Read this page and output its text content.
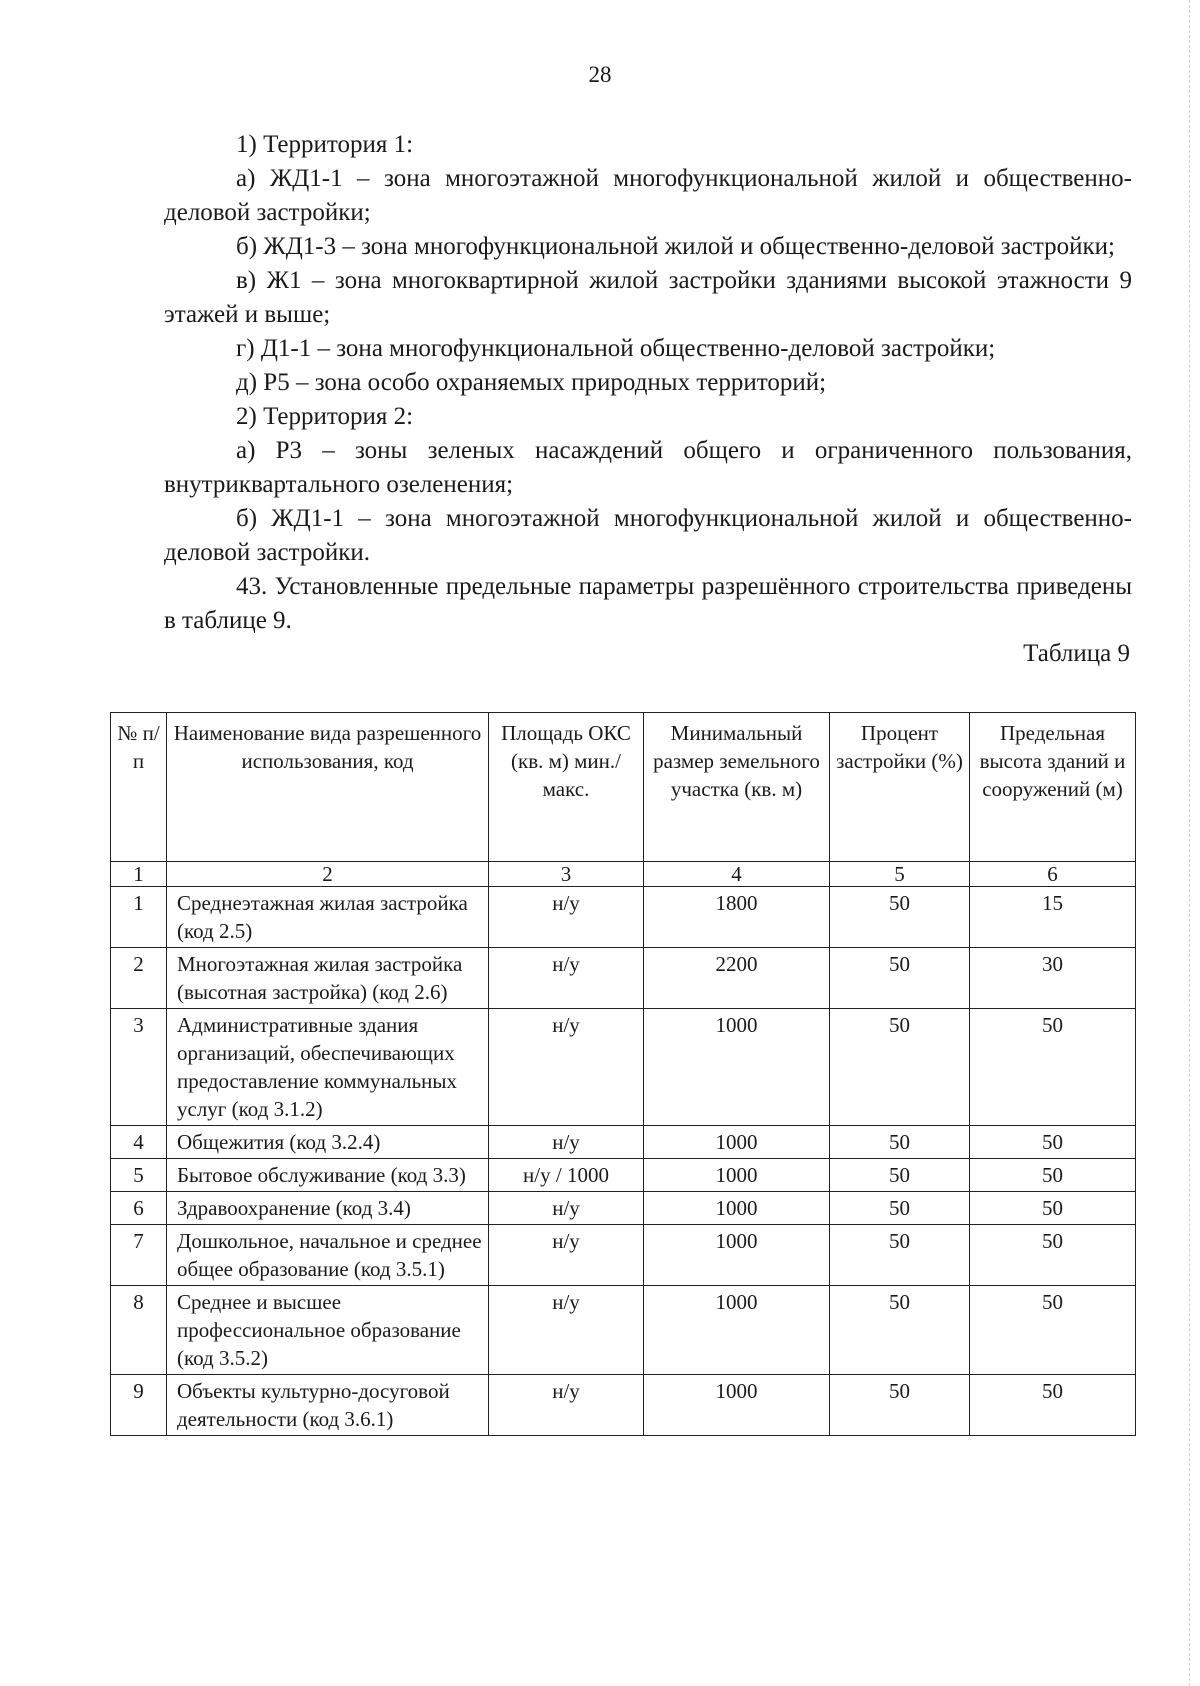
28

1) Территория 1:

а) ЖД1-1 – зона многоэтажной многофункциональной жилой и общественно-деловой застройки;

б) ЖД1-3 – зона многофункциональной жилой и общественно-деловой застройки;

в) Ж1 – зона многоквартирной жилой застройки зданиями высокой этажности 9 этажей и выше;

г) Д1-1 – зона многофункциональной общественно-деловой застройки;

д) Р5 – зона особо охраняемых природных территорий;

2) Территория 2:

а) Р3 – зоны зеленых насаждений общего и ограниченного пользования, внутриквартального озеленения;

б) ЖД1-1 – зона многоэтажной многофункциональной жилой и общественно-деловой застройки.

43. Установленные предельные параметры разрешённого строительства приведены в таблице 9.

Таблица 9
№ п/п	Наименование вида разрешенного использования, код	Площадь ОКС (кв. м) мин./ макс.	Минимальный размер земельного участка (кв. м)	Процент застройки (%)	Предельная высота зданий и сооружений (м)
1	2	3	4	5	6
1	Среднеэтажная жилая застройка (код 2.5)	н/у	1800	50	15
2	Многоэтажная жилая застройка (высотная застройка) (код 2.6)	н/у	2200	50	30
3	Административные здания организаций, обеспечивающих предоставление коммунальных услуг (код 3.1.2)	н/у	1000	50	50
4	Общежития (код 3.2.4)	н/у	1000	50	50
5	Бытовое обслуживание (код 3.3)	н/у / 1000	1000	50	50
6	Здравоохранение (код 3.4)	н/у	1000	50	50
7	Дошкольное, начальное и среднее общее образование (код 3.5.1)	н/у	1000	50	50
8	Среднее и высшее профессиональное образование (код 3.5.2)	н/у	1000	50	50
9	Объекты культурно-досуговой деятельности (код 3.6.1)	н/у	1000	50	50
